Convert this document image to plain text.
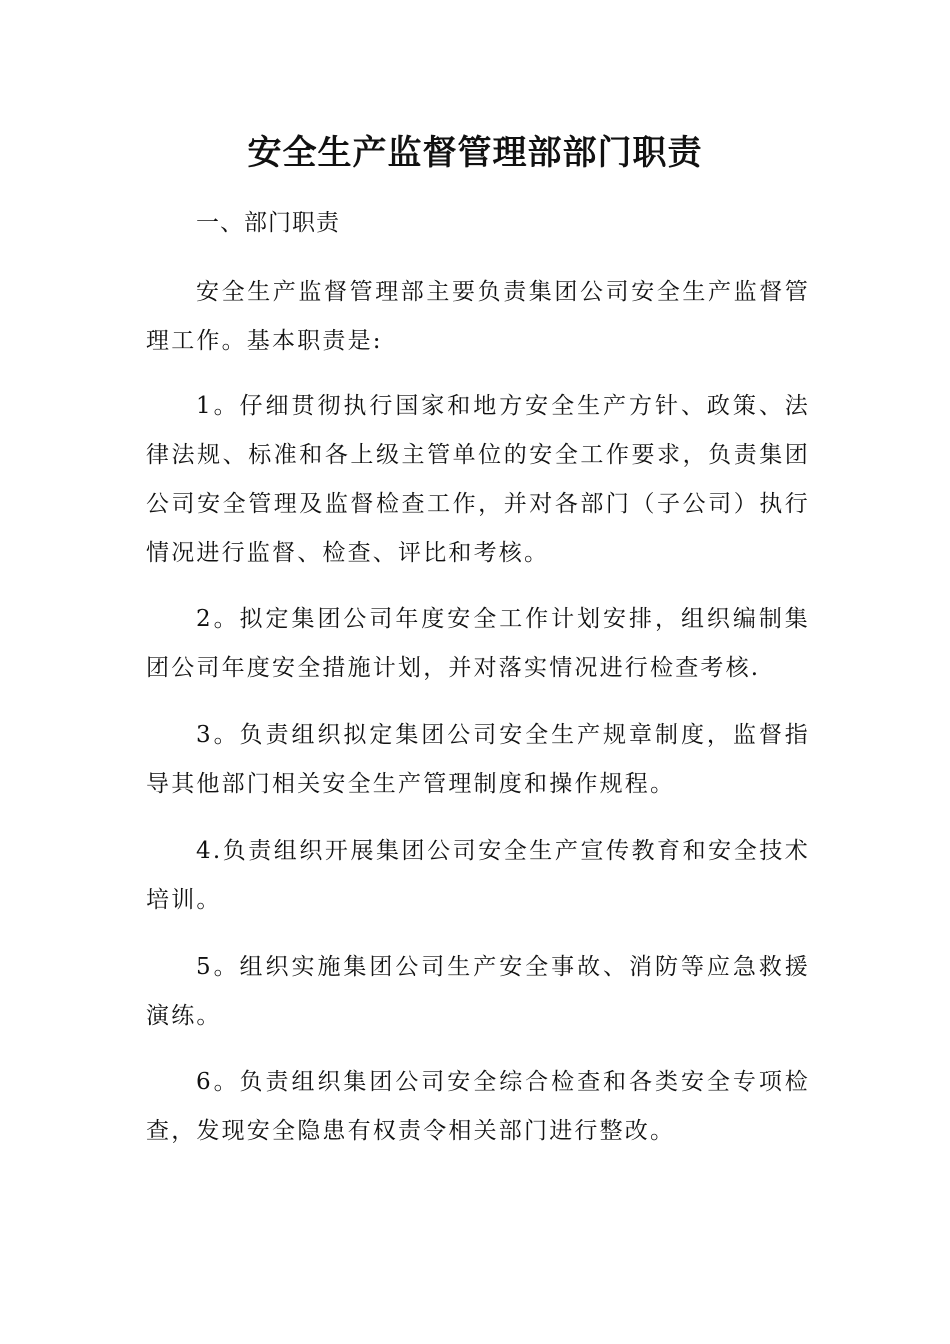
安全生产监督管理部部门职责

一、部门职责

安全生产监督管理部主要负责集团公司安全生产监督管理工作。基本职责是:

1。仔细贯彻执行国家和地方安全生产方针、政策、法律法规、标准和各上级主管单位的安全工作要求，负责集团公司安全管理及监督检查工作，并对各部门（子公司）执行情况进行监督、检查、评比和考核。

2。拟定集团公司年度安全工作计划安排，组织编制集团公司年度安全措施计划，并对落实情况进行检查考核.

3。负责组织拟定集团公司安全生产规章制度，监督指导其他部门相关安全生产管理制度和操作规程。

4.负责组织开展集团公司安全生产宣传教育和安全技术培训。

5。组织实施集团公司生产安全事故、消防等应急救援演练。

6。负责组织集团公司安全综合检查和各类安全专项检查，发现安全隐患有权责令相关部门进行整改。
